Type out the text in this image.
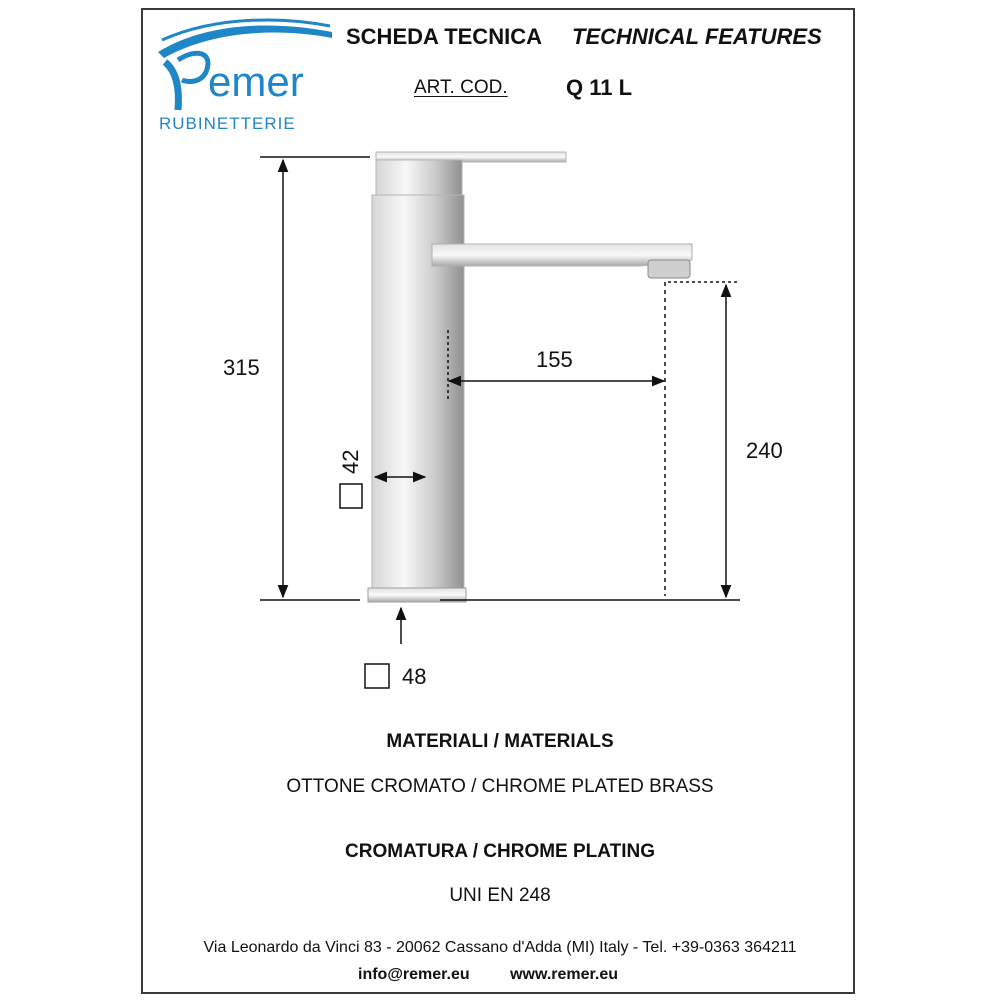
emer
RUBINETTERIE
SCHEDA TECNICA TECHNICAL FEATURES
ART. COD.	Q 11 L
315	155
240
42
48
MATERIALI / MATERIALS
OTTONE CROMATO / CHROME PLATED BRASS
CROMATURA / CHROME PLATING
UNI EN 248
Via Leonardo da Vinci 83 - 20062 Cassano d'Adda (MI) Italy - Tel. +39-0363 364211
info@remer.eu	www.remer.eu
